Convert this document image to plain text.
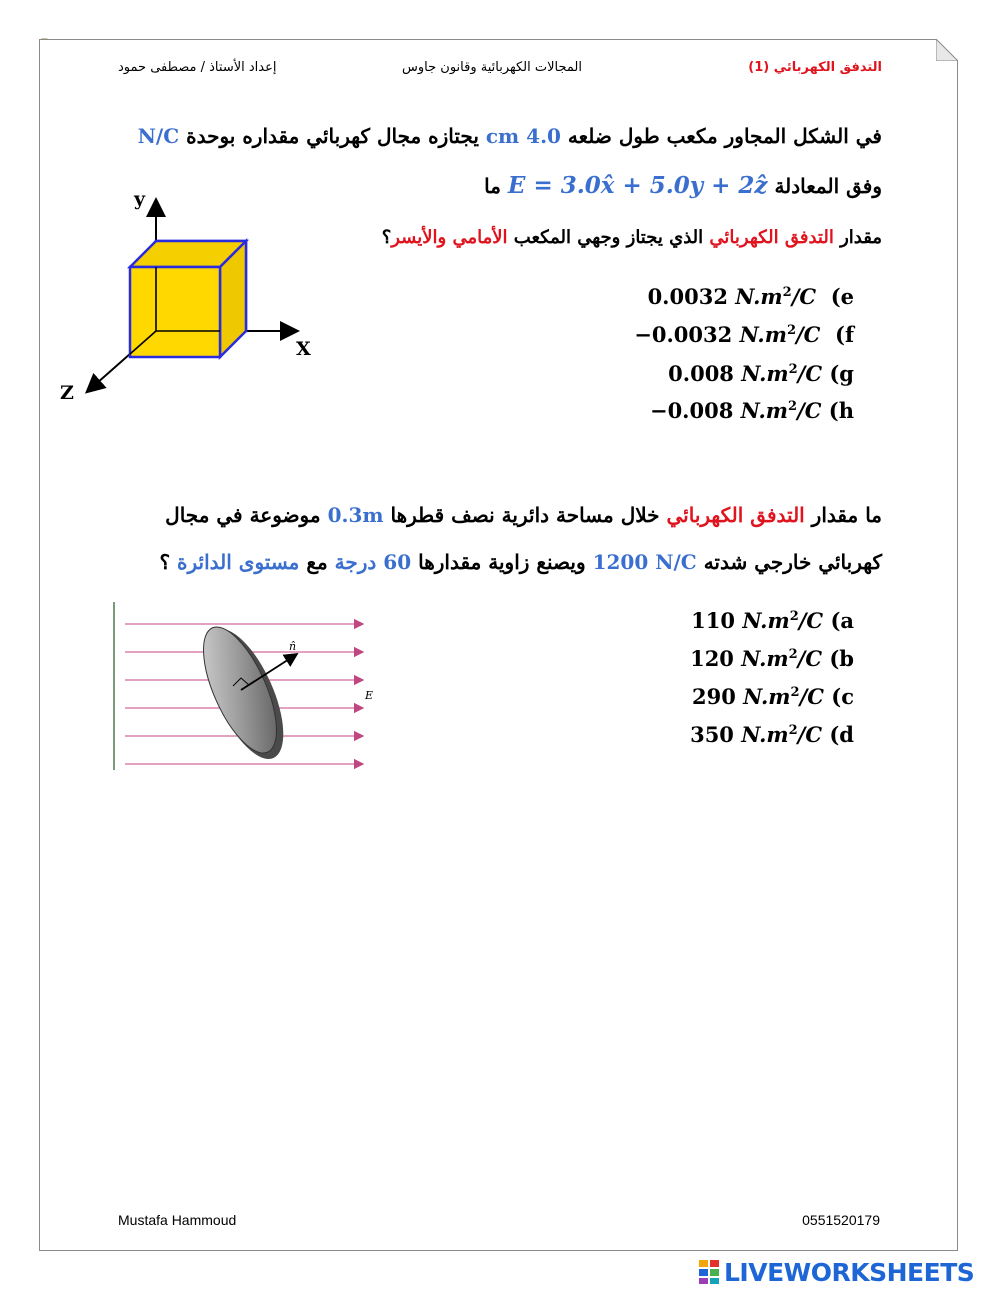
التدفق الكهربائي (1)
المجالات الكهربائية وقانون جاوس
إعداد الأستاذ / مصطفى حمود
في الشكل المجاور مكعب طول ضلعه 4.0 cm يجتازه مجال كهربائي مقداره بوحدة N/C
وفق المعادلة E = 3.0x̂ + 5.0y + 2ẑ ما
مقدار التدفق الكهربائي الذي يجتاز وجهي المكعب الأمامي والأيسر؟
0.0032 $N.m^2/C$ (e
−0.0032 $N.m^2/C$ (f
0.008 $N.m^2/C$ (g
−0.008 $N.m^2/C$ (h
y
X
Z
ما مقدار التدفق الكهربائي خلال مساحة دائرية نصف قطرها 0.3m موضوعة في مجال
كهربائي خارجي شدته 1200 N/C ويصنع زاوية مقدارها 60 درجة مع مستوى الدائرة ؟
110 $N.m^2/C$ (a
120 $N.m^2/C$ (b
290 $N.m^2/C$ (c
350 $N.m^2/C$ (d
n̂
E
Mustafa Hammoud	0551520179
LIVEWORKSHEETS
